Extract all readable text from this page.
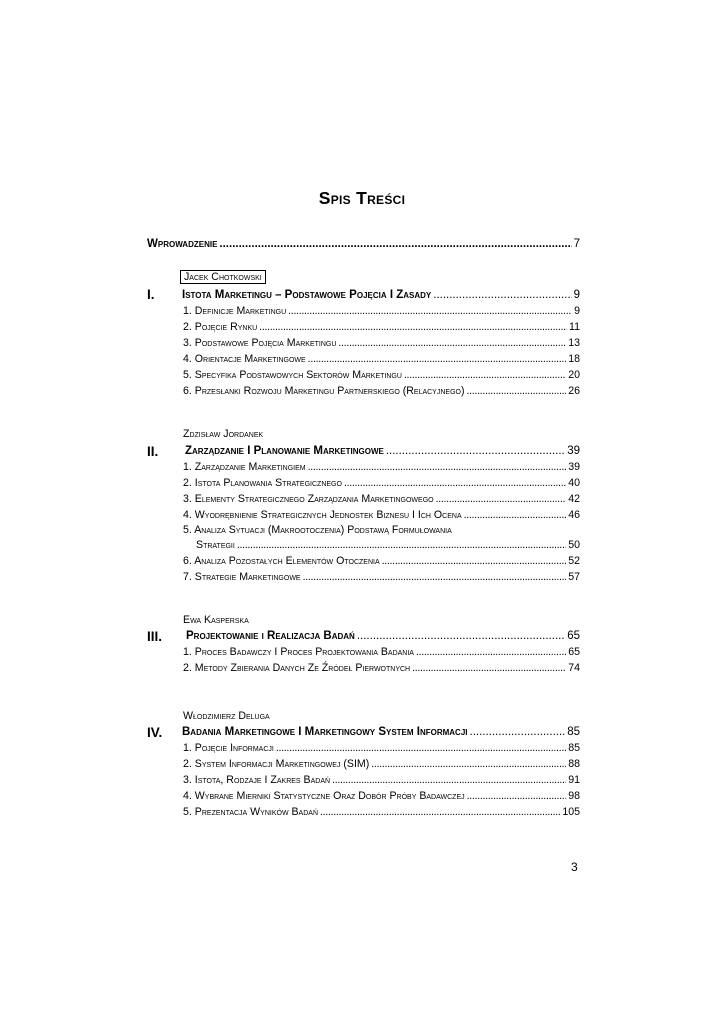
Spis Treści
Wprowadzenie .....	7
Jacek Chotkowski
I. Istota Marketingu – Podstawowe Pojęcia I Zasady .....	9
1. Definicje Marketingu .....	9
2. Pojęcie Rynku .....	11
3. Podstawowe Pojęcia Marketingu .....	13
4. Orientacje Marketingowe .....	18
5. Specyfika Podstawowych Sektorów Marketingu .....	20
6. Przesłanki Rozwoju Marketingu Partnerskiego (Relacyjnego) .....	26
Zdzisław Jordanek
II. Zarządzanie I Planowanie Marketingowe .....	39
1. Zarządzanie Marketingiem .....	39
2. Istota Planowania Strategicznego .....	40
3. Elementy Strategicznego Zarządzania Marketingowego .....	42
4. Wyodrębnienie Strategicznych Jednostek Biznesu I Ich Ocena .....	46
5. Analiza Sytuacji (Makrootoczenia) Podstawą Formułowania
Strategii .....	50
6. Analiza Pozostałych Elementów Otoczenia .....	52
7. Strategie Marketingowe .....	57
Ewa Kasperska
III. Projektowanie i Realizacja Badań .....	65
1. Proces Badawczy I Proces Projektowania Badania .....	65
2. Metody Zbierania Danych Ze Źródeł Pierwotnych .....	74
Włodzimierz Deluga
IV. Badania Marketingowe I Marketingowy System Informacji .....	85
1. Pojęcie Informacji .....	85
2. System Informacji Marketingowej (SIM) .....	88
3. Istota, Rodzaje I Zakres Badań .....	91
4. Wybrane Mierniki Statystyczne Oraz Dobór Próby Badawczej .....	98
5. Prezentacja Wyników Badań .....	105
3
